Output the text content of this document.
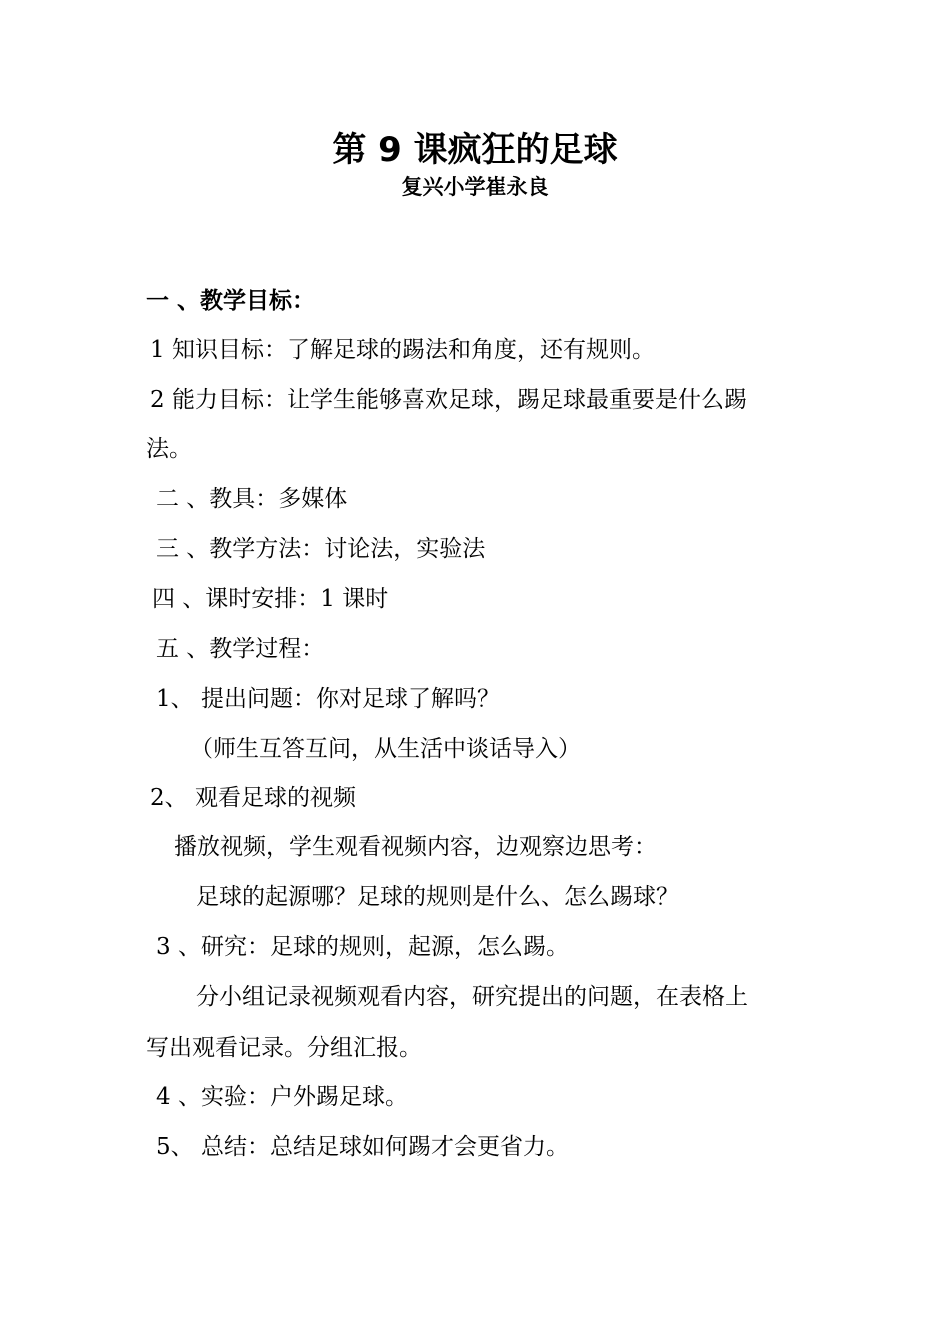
第 9 课疯狂的足球
复兴小学崔永良
一 、教学目标：
1 知识目标：了解足球的踢法和角度，还有规则。
2 能力目标：让学生能够喜欢足球，踢足球最重要是什么踢
法。
二 、教具：多媒体
三 、教学方法：讨论法，实验法
四 、课时安排：1 课时
五 、教学过程：
1、 提出问题：你对足球了解吗？
（师生互答互问，从生活中谈话导入）
2、 观看足球的视频
播放视频，学生观看视频内容，边观察边思考：
足球的起源哪？足球的规则是什么、怎么踢球？
3 、研究：足球的规则，起源，怎么踢。
分小组记录视频观看内容，研究提出的问题，在表格上
写出观看记录。分组汇报。
4 、实验：户外踢足球。
5、 总结：总结足球如何踢才会更省力。
